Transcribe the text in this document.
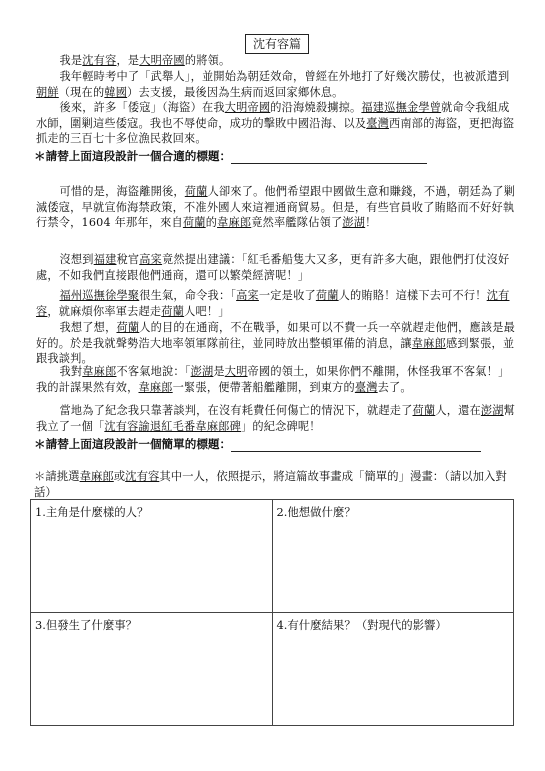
沈有容篇

我是沈有容，是大明帝國的將領。

我年輕時考中了「武舉人」，並開始為朝廷效命，曾經在外地打了好幾次勝仗，也被派遣到朝鮮（現在的韓國）去支援，最後因為生病而返回家鄉休息。

後來，許多「倭寇」（海盜）在我大明帝國的沿海燒殺擄掠。福建巡撫金學曾就命令我組成水師，圍剿這些倭寇。我也不辱使命，成功的擊敗中國沿海、以及臺灣西南部的海盜，更把海盜抓走的三百七十多位漁民救回來。

＊請替上面這段設計一個合適的標題：

可惜的是，海盜離開後，荷蘭人卻來了。他們希望跟中國做生意和賺錢，不過，朝廷為了剿滅倭寇，早就宣佈海禁政策，不准外國人來這裡通商貿易。但是，有些官員收了賄賂而不好好執行禁令，1604 年那年，來自荷蘭的韋麻郎竟然率艦隊佔領了澎湖！

沒想到福建稅官高寀竟然提出建議：「紅毛番船隻大又多，更有許多大砲，跟他們打仗沒好處，不如我們直接跟他們通商，還可以繁榮經濟呢！」

福州巡撫徐學聚很生氣，命令我：「高寀一定是收了荷蘭人的賄賂！這樣下去可不行！沈有容，就麻煩你率軍去趕走荷蘭人吧！」

我想了想，荷蘭人的目的在通商，不在戰爭，如果可以不費一兵一卒就趕走他們，應該是最好的。於是我就聲勢浩大地率領軍隊前往，並同時放出整頓軍備的消息，讓韋麻郎感到緊張，並跟我談判。

我對韋麻郎不客氣地說：「澎湖是大明帝國的領土，如果你們不離開，休怪我軍不客氣！」我的計謀果然有效，韋麻郎一緊張，便帶著船艦離開，到東方的臺灣去了。

當地為了紀念我只靠著談判，在沒有耗費任何傷亡的情況下，就趕走了荷蘭人，還在澎湖幫我立了一個「沈有容諭退紅毛番韋麻郎碑」的紀念碑呢！

＊請替上面這段設計一個簡單的標題：
＊請挑選韋麻郎或沈有容其中一人，依照提示，將這篇故事畫成「簡單的」漫畫：（請以加入對話）
1.主角是什麼樣的人？	2.他想做什麼？
3.但發生了什麼事？	4.有什麼結果？（對現代的影響）
